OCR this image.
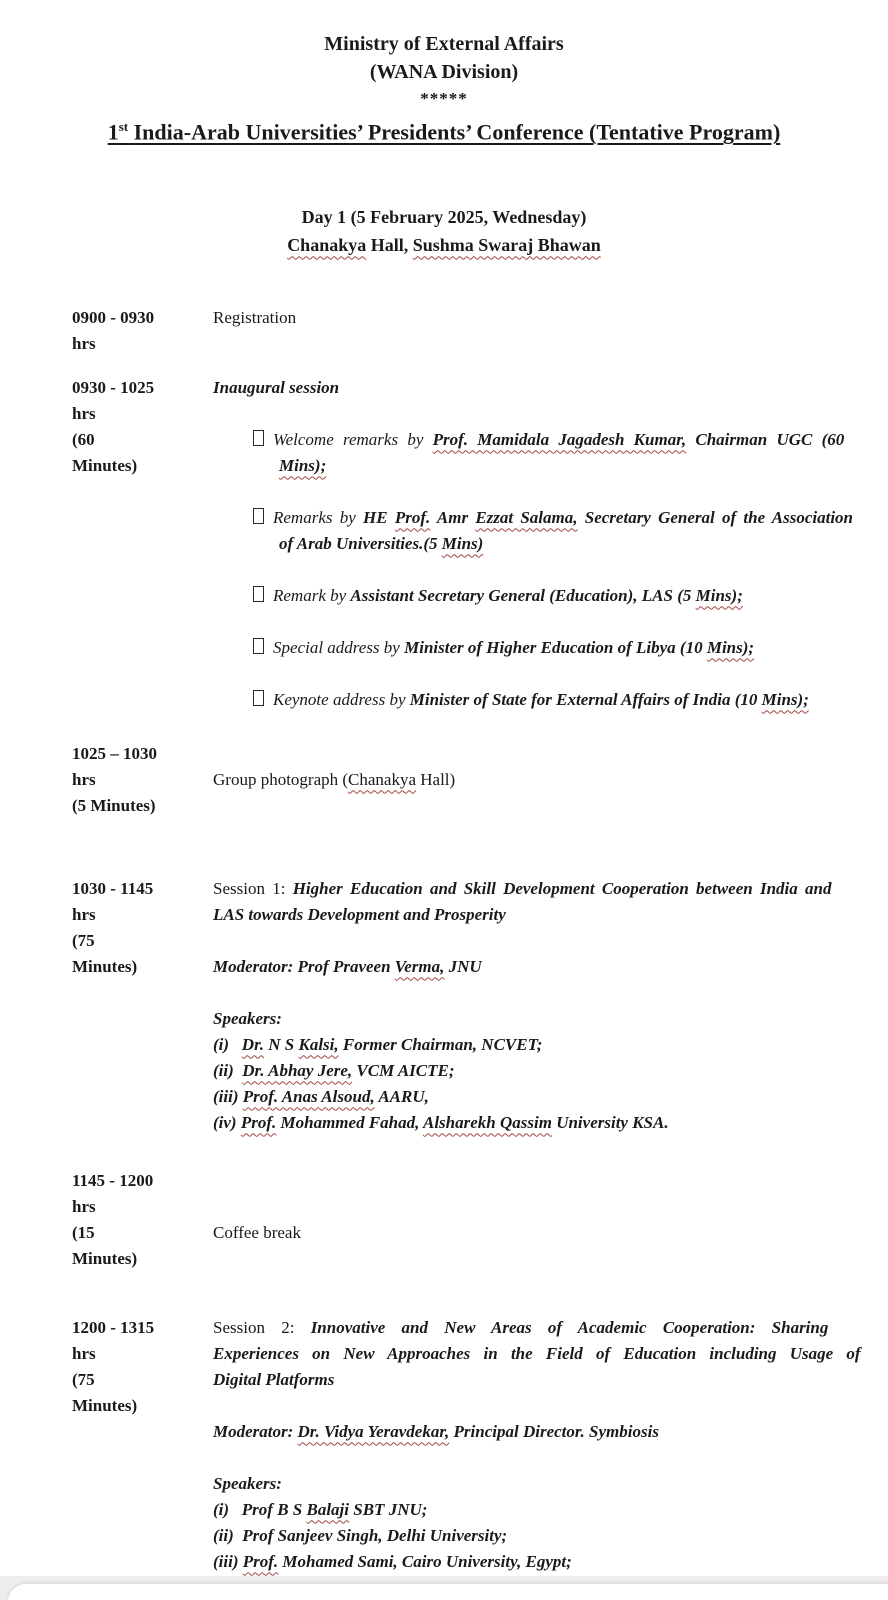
Ministry of External Affairs
(WANA Division)
*****
1st India-Arab Universities’ Presidents’ Conference (Tentative Program)
Day 1 (5 February 2025, Wednesday)
Chanakya Hall, Sushma Swaraj Bhawan
0900 - 0930
hrs
Registration
0930 - 1025
hrs
(60
Minutes)
Inaugural session

Welcome remarks by Prof. Mamidala Jagadesh Kumar, Chairman UGC (60
Mins);
Remarks by HE Prof. Amr Ezzat Salama, Secretary General of the Association
of Arab Universities.(5 Mins)
Remark by Assistant Secretary General (Education), LAS (5 Mins);
Special address by Minister of Higher Education of Libya (10 Mins);
Keynote address by Minister of State for External Affairs of India (10 Mins);
1025 – 1030
hrs
(5 Minutes)

Group photograph (Chanakya Hall)
1030 - 1145
hrs
(75
Minutes)
Session 1: Higher Education and Skill Development Cooperation between India and
LAS towards Development and Prosperity
Moderator: Prof Praveen Verma, JNU
Speakers:
(i)   Dr. N S Kalsi, Former Chairman, NCVET;
(ii)  Dr. Abhay Jere, VCM AICTE;
(iii) Prof. Anas Alsoud, AARU,
(iv) Prof. Mohammed Fahad, Alsharekh Qassim University KSA.
1145 - 1200
hrs
(15
Minutes)

Coffee break
1200 - 1315
hrs
(75
Minutes)
Session 2: Innovative and New Areas of Academic Cooperation: Sharing
Experiences on New Approaches in the Field of Education including Usage of
Digital Platforms
Moderator: Dr. Vidya Yeravdekar, Principal Director. Symbiosis
Speakers:
(i)   Prof B S Balaji SBT JNU;
(ii)  Prof Sanjeev Singh, Delhi University;
(iii) Prof. Mohamed Sami, Cairo University, Egypt;
